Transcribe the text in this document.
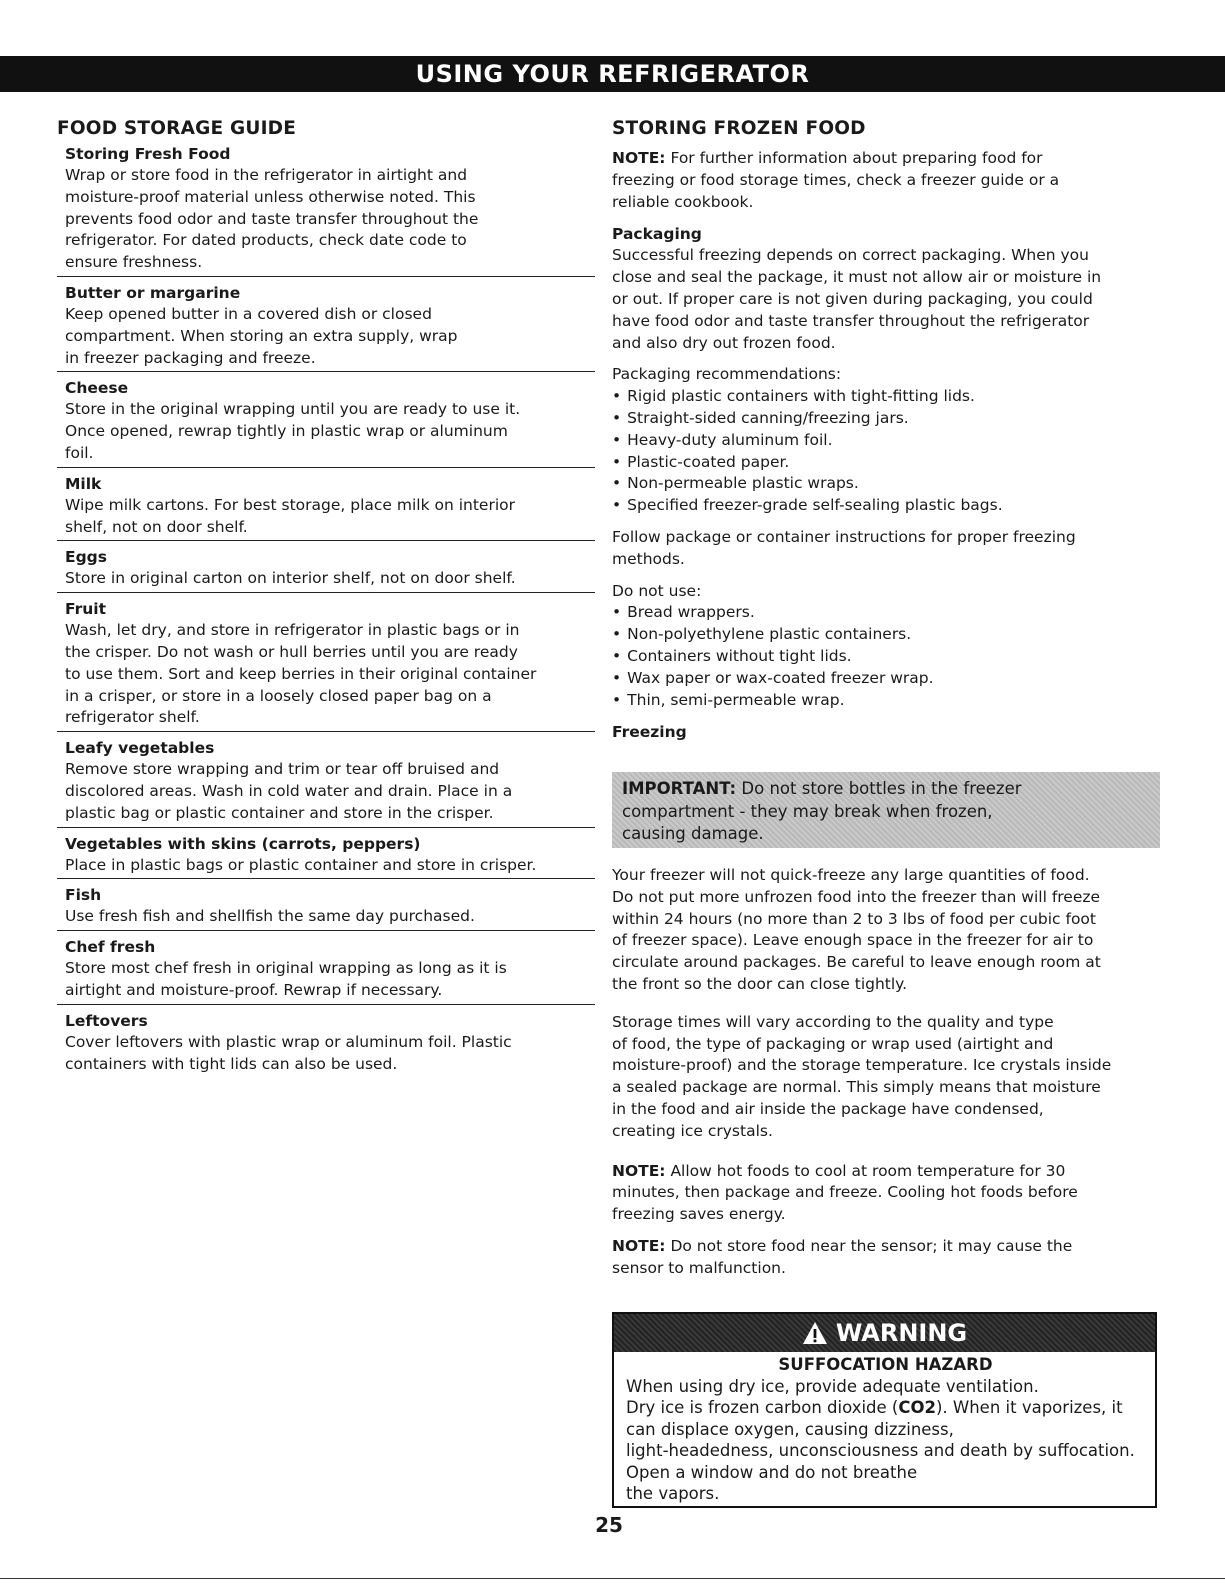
USING YOUR REFRIGERATOR
FOOD STORAGE GUIDE
Storing Fresh Food
Wrap or store food in the refrigerator in airtight and
moisture-proof material unless otherwise noted. This
prevents food odor and taste transfer throughout the
refrigerator. For dated products, check date code to
ensure freshness.
Butter or margarine
Keep opened butter in a covered dish or closed
compartment. When storing an extra supply, wrap
in freezer packaging and freeze.
Cheese
Store in the original wrapping until you are ready to use it.
Once opened, rewrap tightly in plastic wrap or aluminum
foil.
Milk
Wipe milk cartons. For best storage, place milk on interior
shelf, not on door shelf.
Eggs
Store in original carton on interior shelf, not on door shelf.
Fruit
Wash, let dry, and store in refrigerator in plastic bags or in
the crisper. Do not wash or hull berries until you are ready
to use them. Sort and keep berries in their original container
in a crisper, or store in a loosely closed paper bag on a
refrigerator shelf.
Leafy vegetables
Remove store wrapping and trim or tear off bruised and
discolored areas. Wash in cold water and drain. Place in a
plastic bag or plastic container and store in the crisper.
Vegetables with skins (carrots, peppers)
Place in plastic bags or plastic container and store in crisper.
Fish
Use fresh fish and shellfish the same day purchased.
Chef fresh
Store most chef fresh in original wrapping as long as it is
airtight and moisture-proof. Rewrap if necessary.
Leftovers
Cover leftovers with plastic wrap or aluminum foil. Plastic
containers with tight lids can also be used.
STORING FROZEN FOOD

NOTE: For further information about preparing food for
freezing or food storage times, check a freezer guide or a
reliable cookbook.

Packaging

Successful freezing depends on correct packaging. When you
close and seal the package, it must not allow air or moisture in
or out. If proper care is not given during packaging, you could
have food odor and taste transfer throughout the refrigerator
and also dry out frozen food.

Packaging recommendations:

• Rigid plastic containers with tight-fitting lids.
• Straight-sided canning/freezing jars.
• Heavy-duty aluminum foil.
• Plastic-coated paper.
• Non-permeable plastic wraps.
• Specified freezer-grade self-sealing plastic bags.

Follow package or container instructions for proper freezing
methods.

Do not use:

• Bread wrappers.
• Non-polyethylene plastic containers.
• Containers without tight lids.
• Wax paper or wax-coated freezer wrap.
• Thin, semi-permeable wrap.
Freezing
IMPORTANT: Do not store bottles in the freezer
compartment - they may break when frozen,
causing damage.

Your freezer will not quick-freeze any large quantities of food.
Do not put more unfrozen food into the freezer than will freeze
within 24 hours (no more than 2 to 3 lbs of food per cubic foot
of freezer space). Leave enough space in the freezer for air to
circulate around packages. Be careful to leave enough room at
the front so the door can close tightly.

Storage times will vary according to the quality and type
of food, the type of packaging or wrap used (airtight and
moisture-proof) and the storage temperature. Ice crystals inside
a sealed package are normal. This simply means that moisture
in the food and air inside the package have condensed,
creating ice crystals.

NOTE: Allow hot foods to cool at room temperature for 30
minutes, then package and freeze. Cooling hot foods before
freezing saves energy.

NOTE: Do not store food near the sensor; it may cause the
sensor to malfunction.

WARNING
SUFFOCATION HAZARD
When using dry ice, provide adequate ventilation.
Dry ice is frozen carbon dioxide (CO2). When it vaporizes, it
can displace oxygen, causing dizziness,
light-headedness, unconsciousness and death by suffocation.
Open a window and do not breathe
the vapors.
25
